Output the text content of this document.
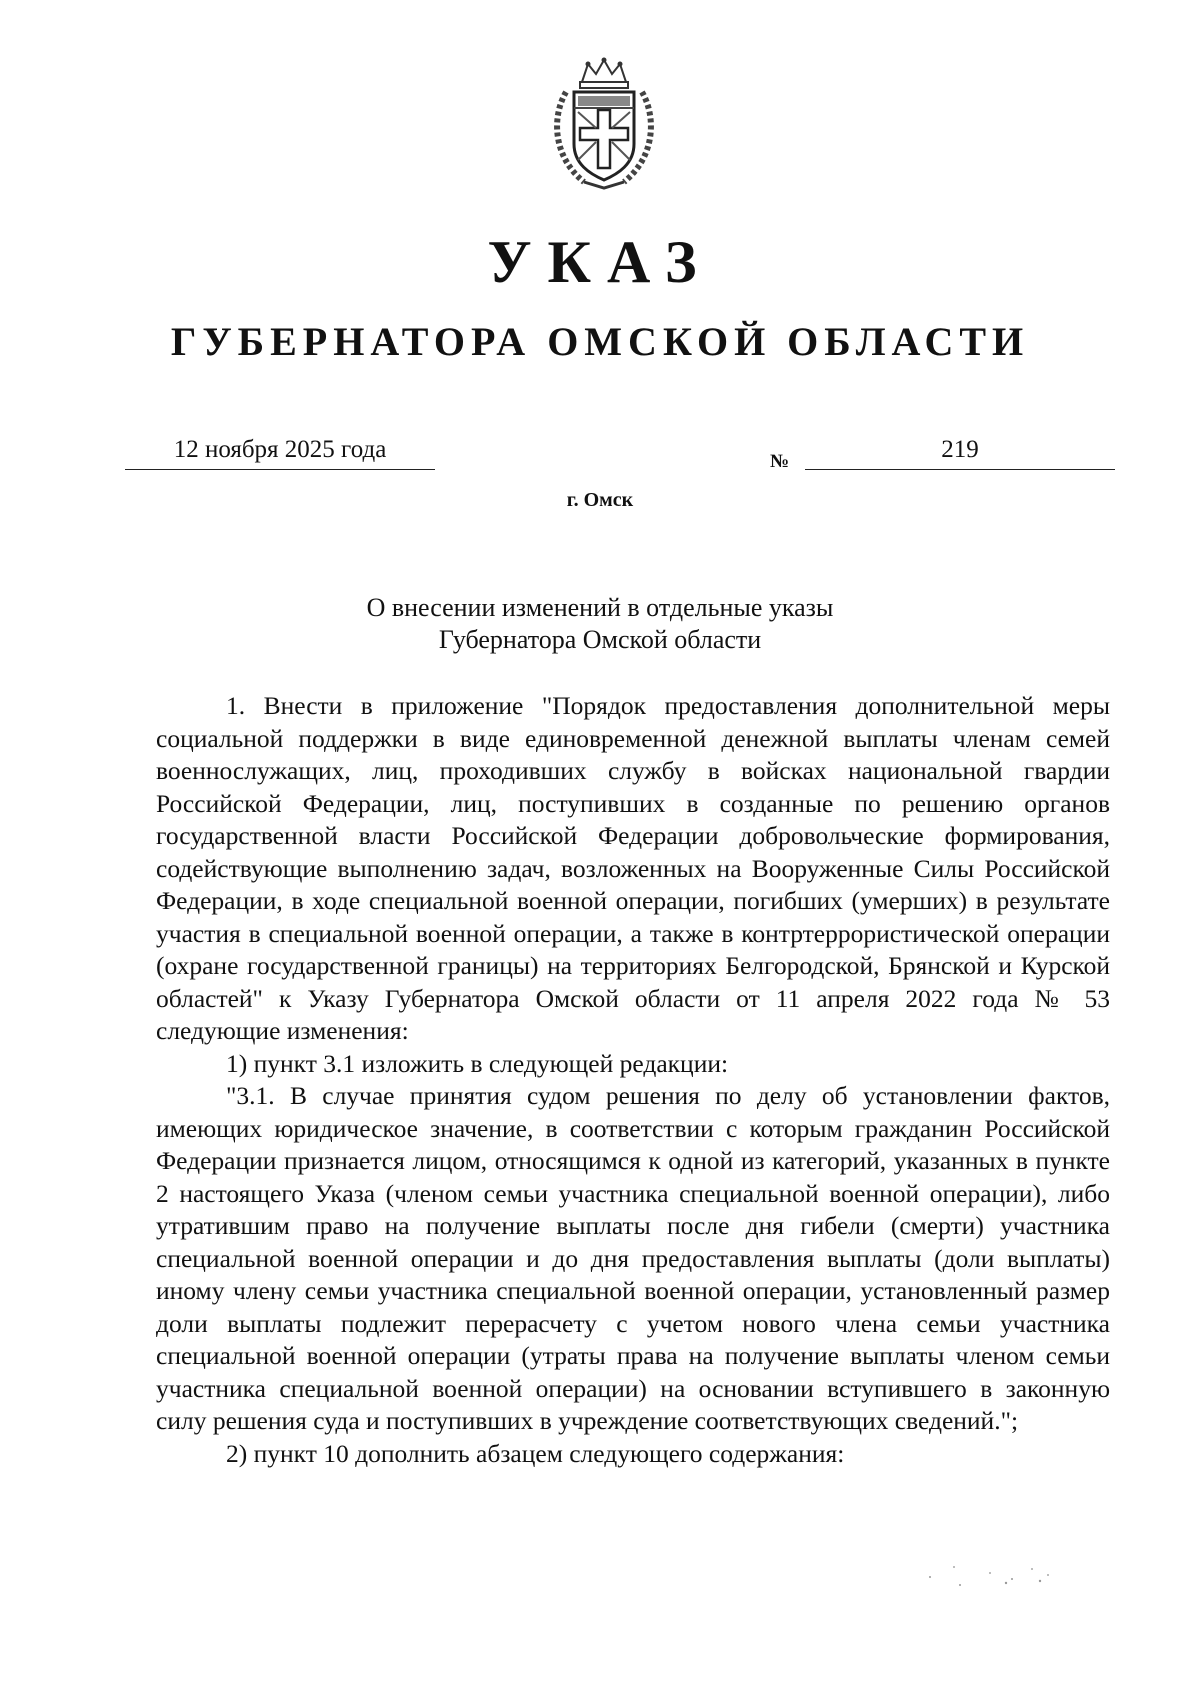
УКАЗ
ГУБЕРНАТОРА ОМСКОЙ ОБЛАСТИ
12 ноября 2025 года	№	219
г. Омск
О внесении изменений в отдельные указы
Губернатора Омской области

1. Внести в приложение "Порядок предоставления дополнительной меры социальной поддержки в виде единовременной денежной выплаты членам семей военнослужащих, лиц, проходивших службу в войсках национальной гвардии Российской Федерации, лиц, поступивших в созданные по решению органов государственной власти Российской Федерации добровольческие формирования, содействующие выполнению задач, возложенных на Вооруженные Силы Российской Федерации, в ходе специальной военной операции, погибших (умерших) в результате участия в специальной военной операции, а также в контртеррористической операции (охране государственной границы) на территориях Белгородской, Брянской и Курской областей" к Указу Губернатора Омской области от 11 апреля 2022 года № 53 следующие изменения:

1) пункт 3.1 изложить в следующей редакции:

"3.1. В случае принятия судом решения по делу об установлении фактов, имеющих юридическое значение, в соответствии с которым гражданин Российской Федерации признается лицом, относящимся к одной из категорий, указанных в пункте 2 настоящего Указа (членом семьи участника специальной военной операции), либо утратившим право на получение выплаты после дня гибели (смерти) участника специальной военной операции и до дня предоставления выплаты (доли выплаты) иному члену семьи участника специальной военной операции, установленный размер доли выплаты подлежит перерасчету с учетом нового члена семьи участника специальной военной операции (утраты права на получение выплаты членом семьи участника специальной военной операции) на основании вступившего в законную силу решения суда и поступивших в учреждение соответствующих сведений.";

2) пункт 10 дополнить абзацем следующего содержания:
